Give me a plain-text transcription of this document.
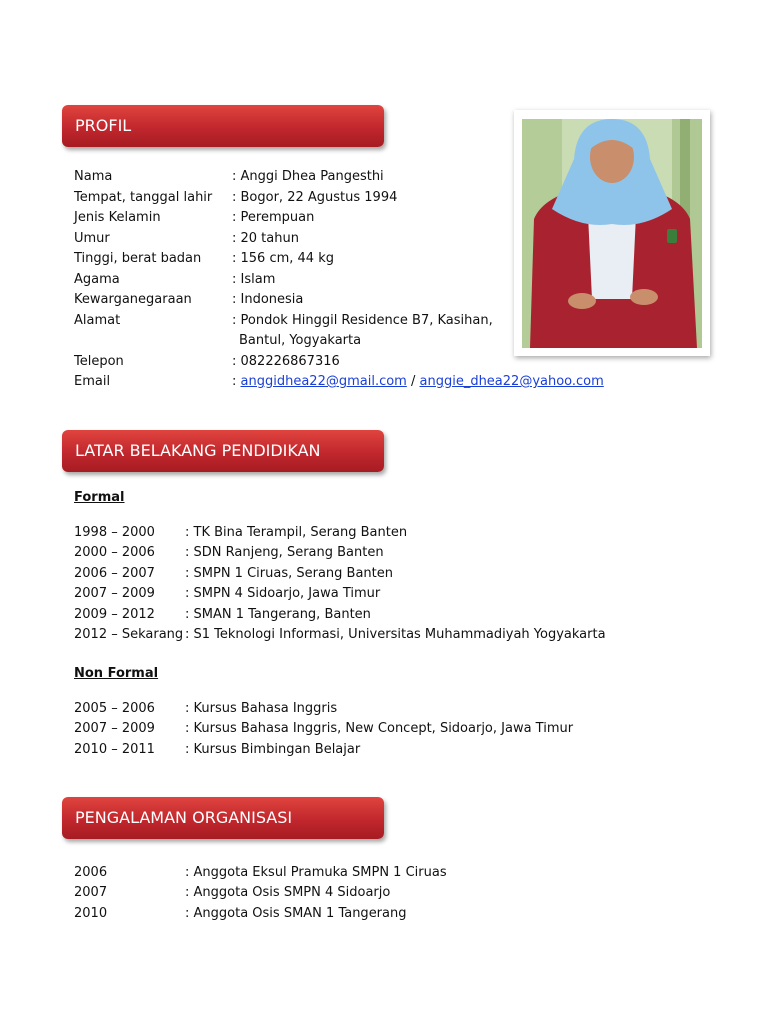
PROFIL
Nama	: Anggi Dhea Pangesthi
Tempat, tanggal lahir : Bogor, 22 Agustus 1994
Jenis Kelamin	: Perempuan
Umur	: 20 tahun
Tinggi, berat badan : 156 cm, 44 kg
Agama	: Islam
Kewarganegaraan	: Indonesia
Alamat	: Pondok Hinggil Residence B7, Kasihan,
Bantul, Yogyakarta
Telepon	: 082226867316
Email	: anggidhea22@gmail.com / anggie_dhea22@yahoo.com
LATAR BELAKANG PENDIDIKAN
Formal
1998 – 2000 : TK Bina Terampil, Serang Banten
2000 – 2006 : SDN Ranjeng, Serang Banten
2006 – 2007 : SMPN 1 Ciruas, Serang Banten
2007 – 2009 : SMPN 4 Sidoarjo, Jawa Timur
2009 – 2012 : SMAN 1 Tangerang, Banten
2012 – Sekarang : S1 Teknologi Informasi, Universitas Muhammadiyah Yogyakarta
Non Formal
2005 – 2006 : Kursus Bahasa Inggris
2007 – 2009 : Kursus Bahasa Inggris, New Concept, Sidoarjo, Jawa Timur
2010 – 2011 : Kursus Bimbingan Belajar
PENGALAMAN ORGANISASI
2006	: Anggota Eksul Pramuka SMPN 1 Ciruas
2007	: Anggota Osis SMPN 4 Sidoarjo
2010	: Anggota Osis SMAN 1 Tangerang
